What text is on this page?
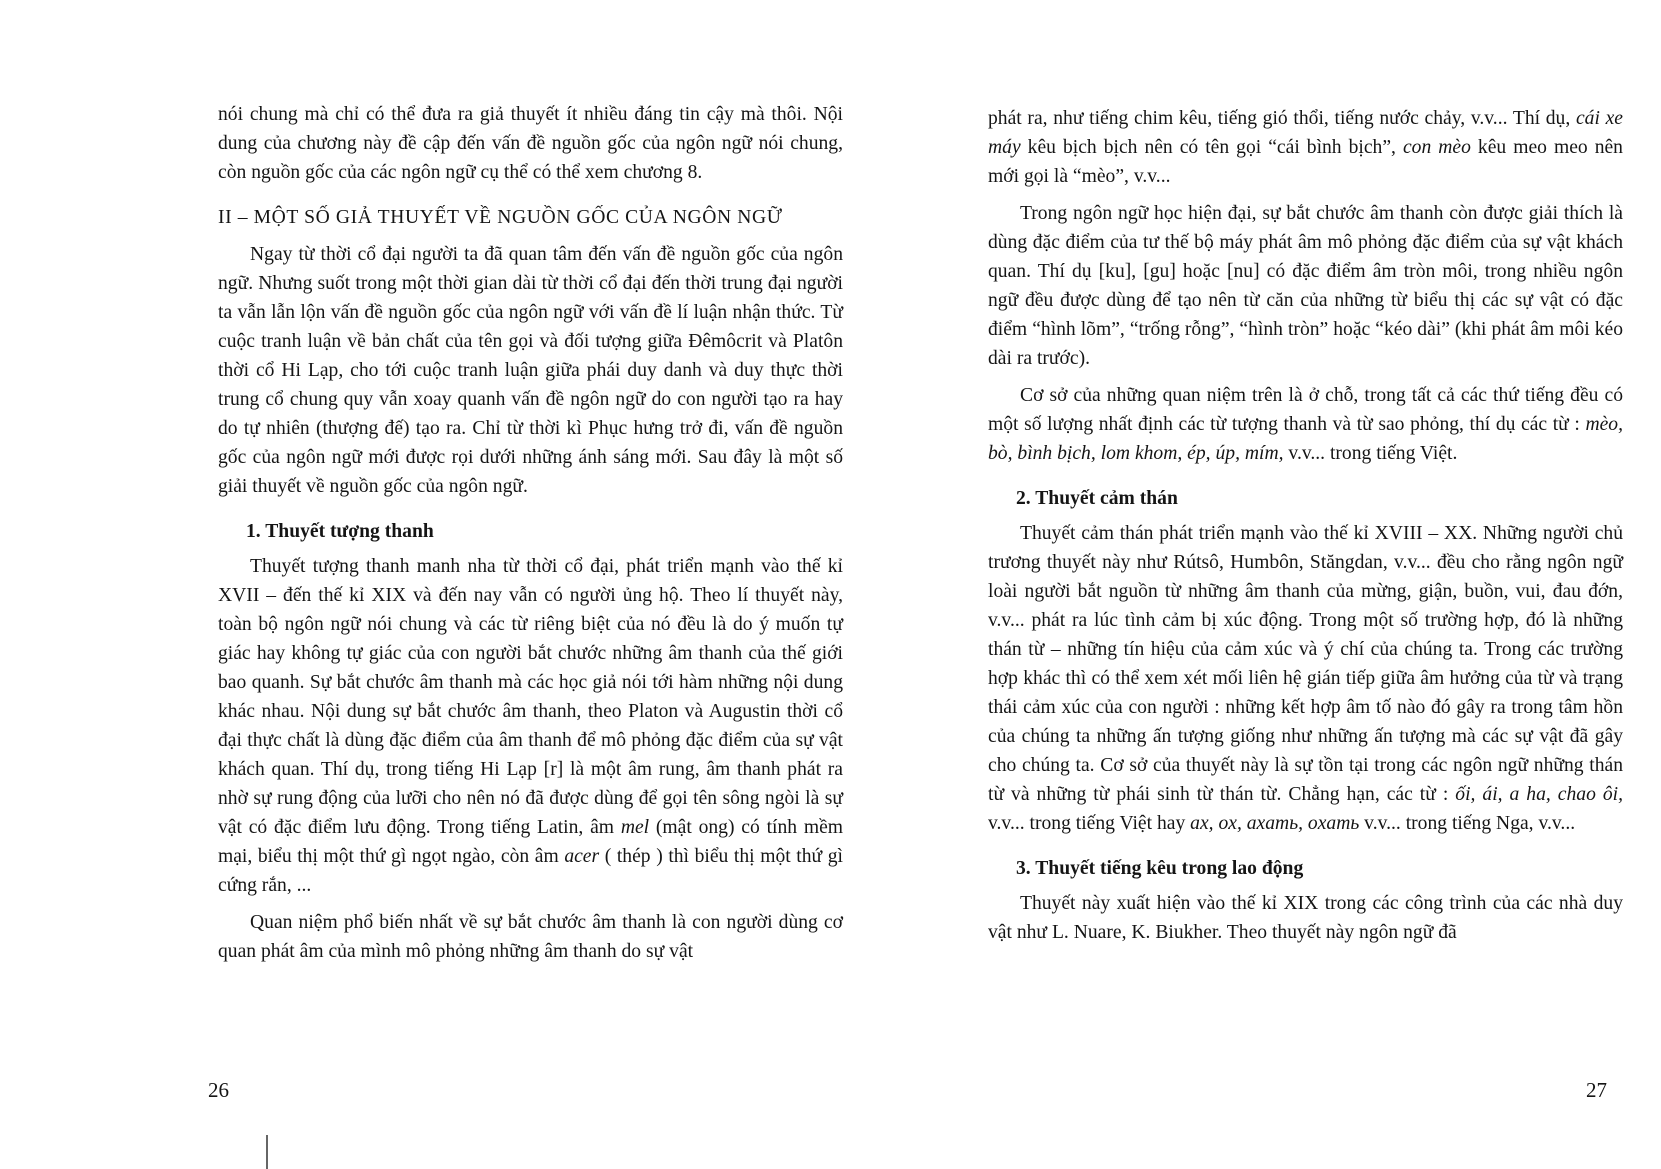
nói chung mà chỉ có thể đưa ra giả thuyết ít nhiều đáng tin cậy mà thôi. Nội dung của chương này đề cập đến vấn đề nguồn gốc của ngôn ngữ nói chung, còn nguồn gốc của các ngôn ngữ cụ thể có thể xem chương 8.

II – MỘT SỐ GIẢ THUYẾT VỀ NGUỒN GỐC CỦA NGÔN NGỮ

Ngay từ thời cổ đại người ta đã quan tâm đến vấn đề nguồn gốc của ngôn ngữ. Nhưng suốt trong một thời gian dài từ thời cổ đại đến thời trung đại người ta vẫn lẫn lộn vấn đề nguồn gốc của ngôn ngữ với vấn đề lí luận nhận thức. Từ cuộc tranh luận về bản chất của tên gọi và đối tượng giữa Đêmôcrit và Platôn thời cổ Hi Lạp, cho tới cuộc tranh luận giữa phái duy danh và duy thực thời trung cổ chung quy vẫn xoay quanh vấn đề ngôn ngữ do con người tạo ra hay do tự nhiên (thượng đế) tạo ra. Chỉ từ thời kì Phục hưng trở đi, vấn đề nguồn gốc của ngôn ngữ mới được rọi dưới những ánh sáng mới. Sau đây là một số giải thuyết về nguồn gốc của ngôn ngữ.

1. Thuyết tượng thanh

Thuyết tượng thanh manh nha từ thời cổ đại, phát triển mạnh vào thế kỉ XVII – đến thế kỉ XIX và đến nay vẫn có người ủng hộ. Theo lí thuyết này, toàn bộ ngôn ngữ nói chung và các từ riêng biệt của nó đều là do ý muốn tự giác hay không tự giác của con người bắt chước những âm thanh của thế giới bao quanh. Sự bắt chước âm thanh mà các học giả nói tới hàm những nội dung khác nhau. Nội dung sự bắt chước âm thanh, theo Platon và Augustin thời cổ đại thực chất là dùng đặc điểm của âm thanh để mô phỏng đặc điểm của sự vật khách quan. Thí dụ, trong tiếng Hi Lạp [r] là một âm rung, âm thanh phát ra nhờ sự rung động của lưỡi cho nên nó đã được dùng để gọi tên sông ngòi là sự vật có đặc điểm lưu động. Trong tiếng Latin, âm mel (mật ong) có tính mềm mại, biểu thị một thứ gì ngọt ngào, còn âm acer ( thép ) thì biểu thị một thứ gì cứng rắn, ...

Quan niệm phổ biến nhất về sự bắt chước âm thanh là con người dùng cơ quan phát âm của mình mô phỏng những âm thanh do sự vật

26

phát ra, như tiếng chim kêu, tiếng gió thổi, tiếng nước chảy, v.v... Thí dụ, cái xe máy kêu bịch bịch nên có tên gọi “cái bình bịch”, con mèo kêu meo meo nên mới gọi là “mèo”, v.v...

Trong ngôn ngữ học hiện đại, sự bắt chước âm thanh còn được giải thích là dùng đặc điểm của tư thế bộ máy phát âm mô phỏng đặc điểm của sự vật khách quan. Thí dụ [ku], [gu] hoặc [nu] có đặc điểm âm tròn môi, trong nhiều ngôn ngữ đều được dùng để tạo nên từ căn của những từ biểu thị các sự vật có đặc điểm “hình lõm”, “trống rỗng”, “hình tròn” hoặc “kéo dài” (khi phát âm môi kéo dài ra trước).

Cơ sở của những quan niệm trên là ở chỗ, trong tất cả các thứ tiếng đều có một số lượng nhất định các từ tượng thanh và từ sao phỏng, thí dụ các từ : mèo, bò, bình bịch, lom khom, ép, úp, mím, v.v... trong tiếng Việt.

2. Thuyết cảm thán

Thuyết cảm thán phát triển mạnh vào thế kỉ XVIII – XX. Những người chủ trương thuyết này như Rútsô, Humbôn, Stăngdan, v.v... đều cho rằng ngôn ngữ loài người bắt nguồn từ những âm thanh của mừng, giận, buồn, vui, đau đớn, v.v... phát ra lúc tình cảm bị xúc động. Trong một số trường hợp, đó là những thán từ – những tín hiệu của cảm xúc và ý chí của chúng ta. Trong các trường hợp khác thì có thể xem xét mối liên hệ gián tiếp giữa âm hưởng của từ và trạng thái cảm xúc của con người : những kết hợp âm tố nào đó gây ra trong tâm hồn của chúng ta những ấn tượng giống như những ấn tượng mà các sự vật đã gây cho chúng ta. Cơ sở của thuyết này là sự tồn tại trong các ngôn ngữ những thán từ và những từ phái sinh từ thán từ. Chẳng hạn, các từ : ối, ái, a ha, chao ôi, v.v... trong tiếng Việt hay ax, ox, axать, oxать v.v... trong tiếng Nga, v.v...

3. Thuyết tiếng kêu trong lao động

Thuyết này xuất hiện vào thế kỉ XIX trong các công trình của các nhà duy vật như L. Nuare, K. Biukher. Theo thuyết này ngôn ngữ đã

27
